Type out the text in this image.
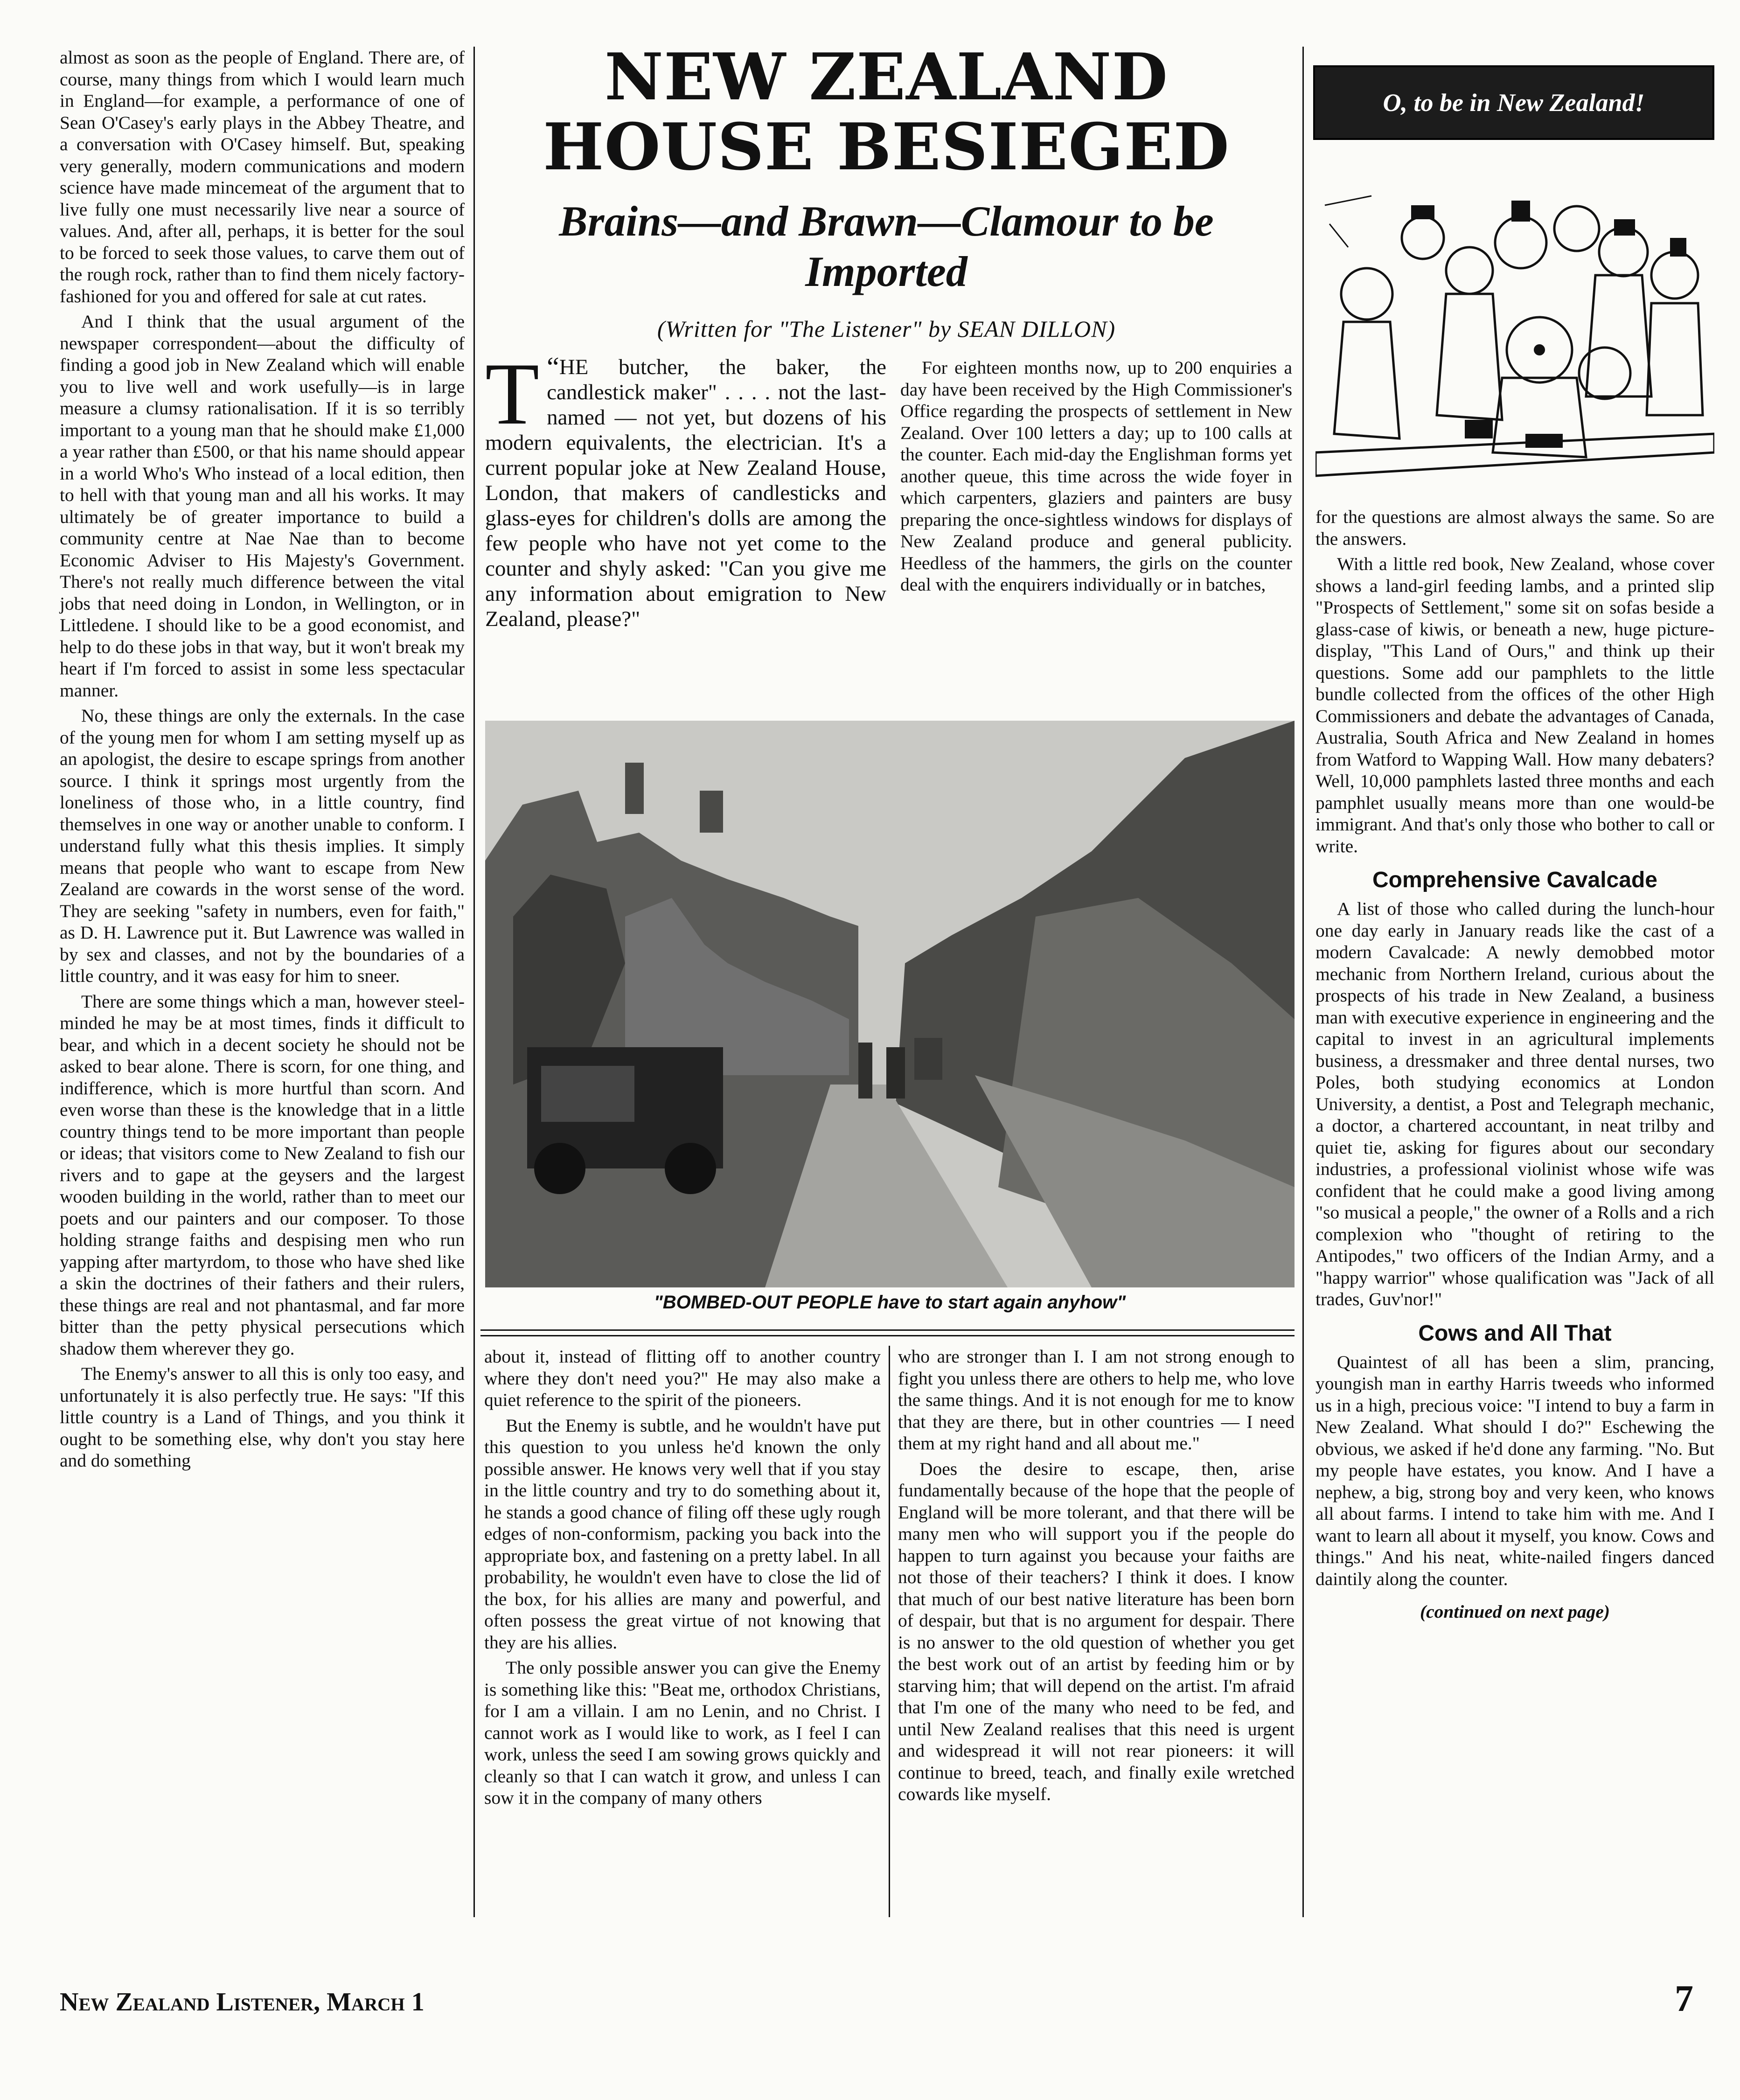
almost as soon as the people of England. There are, of course, many things from which I would learn much in England—for example, a performance of one of Sean O'Casey's early plays in the Abbey Theatre, and a conversation with O'Casey himself. But, speaking very generally, modern communications and modern science have made mincemeat of the argument that to live fully one must necessarily live near a source of values. And, after all, perhaps, it is better for the soul to be forced to seek those values, to carve them out of the rough rock, rather than to find them nicely factory-fashioned for you and offered for sale at cut rates.

And I think that the usual argument of the newspaper correspondent—about the difficulty of finding a good job in New Zealand which will enable you to live well and work usefully—is in large measure a clumsy rationalisation. If it is so terribly important to a young man that he should make £1,000 a year rather than £500, or that his name should appear in a world Who's Who instead of a local edition, then to hell with that young man and all his works. It may ultimately be of greater importance to build a community centre at Nae Nae than to become Economic Adviser to His Majesty's Government. There's not really much difference between the vital jobs that need doing in London, in Wellington, or in Littledene. I should like to be a good economist, and help to do these jobs in that way, but it won't break my heart if I'm forced to assist in some less spectacular manner.

No, these things are only the externals. In the case of the young men for whom I am setting myself up as an apologist, the desire to escape springs from another source. I think it springs most urgently from the loneliness of those who, in a little country, find themselves in one way or another unable to conform. I understand fully what this thesis implies. It simply means that people who want to escape from New Zealand are cowards in the worst sense of the word. They are seeking "safety in numbers, even for faith," as D. H. Lawrence put it. But Lawrence was walled in by sex and classes, and not by the boundaries of a little country, and it was easy for him to sneer.

There are some things which a man, however steel-minded he may be at most times, finds it difficult to bear, and which in a decent society he should not be asked to bear alone. There is scorn, for one thing, and indifference, which is more hurtful than scorn. And even worse than these is the knowledge that in a little country things tend to be more important than people or ideas; that visitors come to New Zealand to fish our rivers and to gape at the geysers and the largest wooden building in the world, rather than to meet our poets and our painters and our composer. To those holding strange faiths and despising men who run yapping after martyrdom, to those who have shed like a skin the doctrines of their fathers and their rulers, these things are real and not phantasmal, and far more bitter than the petty physical persecutions which shadow them wherever they go.

The Enemy's answer to all this is only too easy, and unfortunately it is also perfectly true. He says: "If this little country is a Land of Things, and you think it ought to be something else, why don't you stay here and do something

NEW ZEALAND HOUSE BESIEGED
Brains—and Brawn—Clamour to be Imported

(Written for "The Listener" by SEAN DILLON)

“
T HE butcher, the baker, the candlestick maker" . . . . not the last-named — not yet, but dozens of his modern equivalents, the electrician. It's a current popular joke at New Zealand House, London, that makers of candlesticks and glass-eyes for children's dolls are among the few people who have not yet come to the counter and shyly asked: "Can you give me any information about emigration to New Zealand, please?"

For eighteen months now, up to 200 enquiries a day have been received by the High Commissioner's Office regarding the prospects of settlement in New Zealand. Over 100 letters a day; up to 100 calls at the counter. Each mid-day the Englishman forms yet another queue, this time across the wide foyer in which carpenters, glaziers and painters are busy preparing the once-sightless windows for displays of New Zealand produce and general publicity. Heedless of the hammers, the girls on the counter deal with the enquirers individually or in batches,

"BOMBED-OUT PEOPLE have to start again anyhow"

about it, instead of flitting off to another country where they don't need you?" He may also make a quiet reference to the spirit of the pioneers.

But the Enemy is subtle, and he wouldn't have put this question to you unless he'd known the only possible answer. He knows very well that if you stay in the little country and try to do something about it, he stands a good chance of filing off these ugly rough edges of non-conformism, packing you back into the appropriate box, and fastening on a pretty label. In all probability, he wouldn't even have to close the lid of the box, for his allies are many and powerful, and often possess the great virtue of not knowing that they are his allies.

The only possible answer you can give the Enemy is something like this: "Beat me, orthodox Christians, for I am a villain. I am no Lenin, and no Christ. I cannot work as I would like to work, as I feel I can work, unless the seed I am sowing grows quickly and cleanly so that I can watch it grow, and unless I can sow it in the company of many others

who are stronger than I. I am not strong enough to fight you unless there are others to help me, who love the same things. And it is not enough for me to know that they are there, but in other countries — I need them at my right hand and all about me."

Does the desire to escape, then, arise fundamentally because of the hope that the people of England will be more tolerant, and that there will be many men who will support you if the people do happen to turn against you because your faiths are not those of their teachers? I think it does. I know that much of our best native literature has been born of despair, but that is no argument for despair. There is no answer to the old question of whether you get the best work out of an artist by feeding him or by starving him; that will depend on the artist. I'm afraid that I'm one of the many who need to be fed, and until New Zealand realises that this need is urgent and widespread it will not rear pioneers: it will continue to breed, teach, and finally exile wretched cowards like myself.

O, to be in New Zealand!

for the questions are almost always the same. So are the answers.

With a little red book, New Zealand, whose cover shows a land-girl feeding lambs, and a printed slip "Prospects of Settlement," some sit on sofas beside a glass-case of kiwis, or beneath a new, huge picture-display, "This Land of Ours," and think up their questions. Some add our pamphlets to the little bundle collected from the offices of the other High Commissioners and debate the advantages of Canada, Australia, South Africa and New Zealand in homes from Watford to Wapping Wall. How many debaters? Well, 10,000 pamphlets lasted three months and each pamphlet usually means more than one would-be immigrant. And that's only those who bother to call or write.

Comprehensive Cavalcade

A list of those who called during the lunch-hour one day early in January reads like the cast of a modern Cavalcade: A newly demobbed motor mechanic from Northern Ireland, curious about the prospects of his trade in New Zealand, a business man with executive experience in engineering and the capital to invest in an agricultural implements business, a dressmaker and three dental nurses, two Poles, both studying economics at London University, a dentist, a Post and Telegraph mechanic, a doctor, a chartered accountant, in neat trilby and quiet tie, asking for figures about our secondary industries, a professional violinist whose wife was confident that he could make a good living among "so musical a people," the owner of a Rolls and a rich complexion who "thought of retiring to the Antipodes," two officers of the Indian Army, and a "happy warrior" whose qualification was "Jack of all trades, Guv'nor!"

Cows and All That

Quaintest of all has been a slim, prancing, youngish man in earthy Harris tweeds who informed us in a high, precious voice: "I intend to buy a farm in New Zealand. What should I do?" Eschewing the obvious, we asked if he'd done any farming. "No. But my people have estates, you know. And I have a nephew, a big, strong boy and very keen, who knows all about farms. I intend to take him with me. And I want to learn all about it myself, you know. Cows and things." And his neat, white-nailed fingers danced daintily along the counter.

(continued on next page)

New Zealand Listener, March 1	7
